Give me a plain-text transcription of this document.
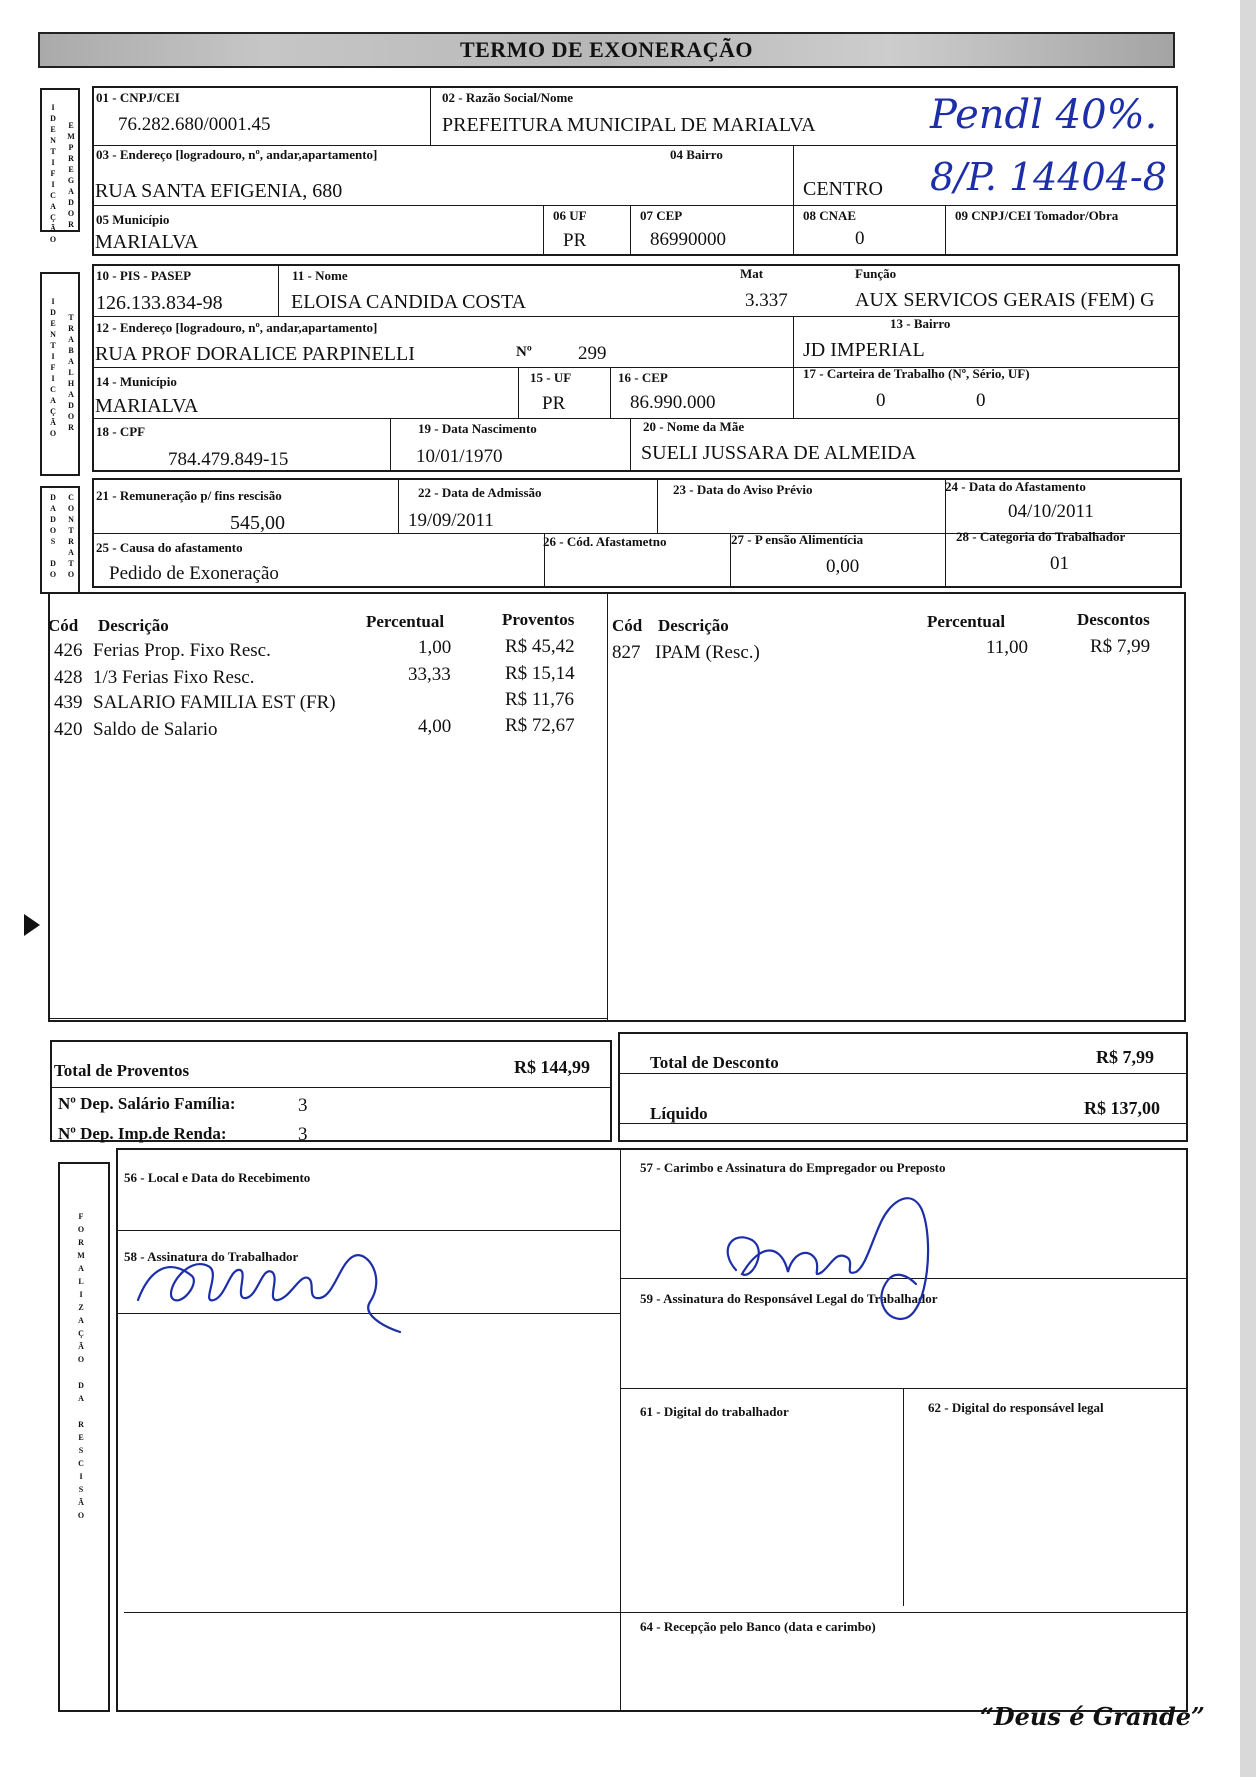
TERMO DE EXONERAÇÃO
I
D
E
N
T
I
F
I
C
A
Ç
Ã
O
E
M
P
R
E
G
A
D
O
R
01 - CNPJ/CEI
76.282.680/0001.45
02 - Razão Social/Nome
PREFEITURA MUNICIPAL DE MARIALVA
03 - Endereço [logradouro, nº, andar,apartamento]	04 Bairro
RUA SANTA EFIGENIA, 680	CENTRO
05 Município
MARIALVA
06 UF
PR
07 CEP
86990000
08 CNAE
0
09 CNPJ/CEI Tomador/Obra
Pendl 40%.
8/P. 14404-8
I
D
E
N
T
I
F
I
C
A
Ç
Ã
O
T
R
A
B
A
L
H
A
D
O
R
10 - PIS - PASEP
126.133.834-98
11 - Nome
ELOISA CANDIDA COSTA
Mat
3.337
Função
AUX SERVICOS GERAIS (FEM) G
12 - Endereço [logradouro, nº, andar,apartamento]
RUA PROF DORALICE PARPINELLI	Nº 299
13 - Bairro
JD IMPERIAL
14 - Município
MARIALVA
15 - UF
PR
16 - CEP
86.990.000
17 - Carteira de Trabalho (Nº, Sério, UF)
0	0
18 - CPF
784.479.849-15
19 - Data Nascimento
10/01/1970
20 - Nome da Mãe
SUELI JUSSARA DE ALMEIDA
D
A
D
O
S

D
O
C
O
N
T
R
A
T
O
21 - Remuneração p/ fins rescisão
545,00
22 - Data de Admissão
19/09/2011
23 - Data do Aviso Prévio	24 - Data do Afastamento
04/10/2011
25 - Causa do afastamento
Pedido de Exoneração
26 - Cód. Afastametno	27 - P ensão Alimentícia
0,00
28 - Categoria do Trabalhador
01
Cód Descrição	Percentual	Proventos
426 Ferias Prop. Fixo Resc.	1,00	R$ 45,42
428 1/3 Ferias Fixo Resc.	33,33	R$ 15,14
439 SALARIO FAMILIA EST (FR)	R$ 11,76
420 Saldo de Salario	4,00	R$ 72,67
Cód Descrição	Percentual	Descontos
827 IPAM (Resc.)	11,00	R$ 7,99
Total de Proventos	R$ 144,99
Nº Dep. Salário Família:	3
Nº Dep. Imp.de Renda:	3
Total de Desconto	R$ 7,99
Líquido	R$ 137,00
F
O
R
M
A
L
I
Z
A
Ç
Ã
O

D
A

R
E
S
C
I
S
Ã
O
56 - Local e Data do Recebimento
57 - Carimbo e Assinatura do Empregador ou Preposto
58 - Assinatura do Trabalhador
59 - Assinatura do Responsável Legal do Trabalhador
61 - Digital do trabalhador	62 - Digital do responsável legal
64 - Recepção pelo Banco (data e carimbo)
“Deus é Grande”
